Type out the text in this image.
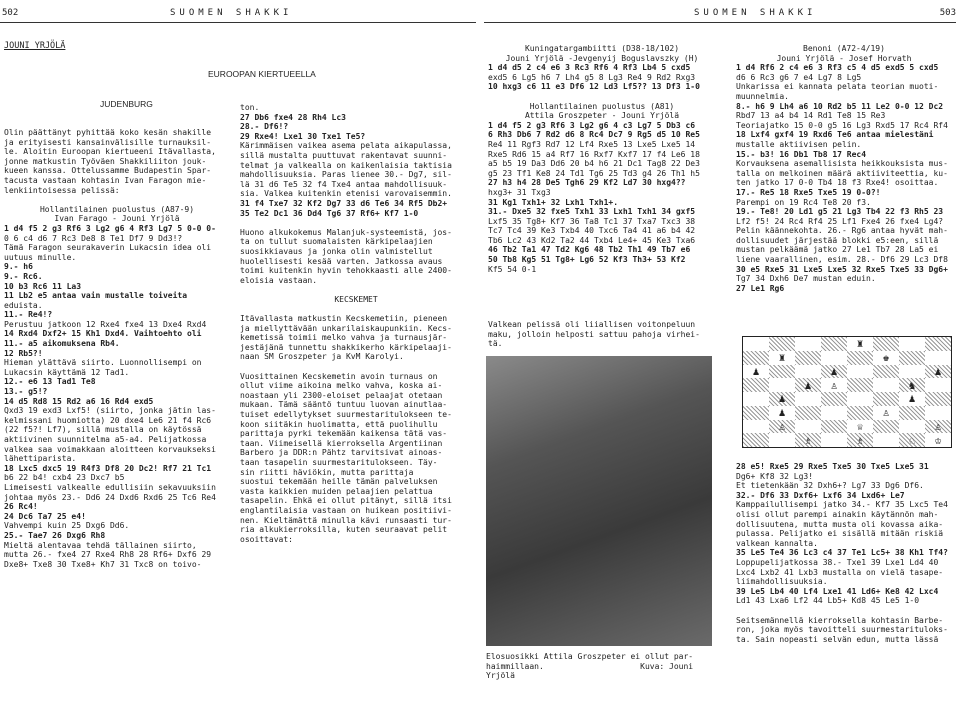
502	SUOMEN SHAKKI
JOUNI YRJÖLÄ
EUROOPAN KIERTUEELLA
JUDENBURG

Olin päättänyt pyhittää koko kesän shakille

ja erityisesti kansainvälisille turnauksil-

le. Aloitin Euroopan kiertueeni Itävallasta,

jonne matkustin Työväen Shakkiliiton jouk-

kueen kanssa. Ottelussamme Budapestin Spar-

tacusta vastaan kohtasin Ivan Faragon mie-

lenkiintoisessa pelissä:

Hollantilainen puolustus (A87-9)

Ivan Farago - Jouni Yrjölä

1 d4 f5 2 g3 Rf6 3 Lg2 g6 4 Rf3 Lg7 5 0-0 0-

0 6 c4 d6 7 Rc3 De8 8 Te1 Df7 9 Dd3!?

Tämä Faragon seurakaverin Lukacsin idea oli

uutuus minulle.

9.- h6

9.- Rc6.

10 b3 Rc6 11 La3

11 Lb2 e5 antaa vain mustalle toiveita

eduista.

11.- Re4!?

Perustuu jatkoon 12 Rxe4 fxe4 13 Dxe4 Rxd4

14 Rxd4 Dxf2+ 15 Kh1 Dxd4. Vaihtoehto oli

11.- a5 aikomuksena Rb4.

12 Rb5?!

Hieman ylättävä siirto. Luonnollisempi on

Lukacsin käyttämä 12 Tad1.

12.- e6 13 Tad1 Te8

13.- g5!?

14 d5 Rd8 15 Rd2 a6 16 Rd4 exd5

Qxd3 19 exd3 Lxf5! (siirto, jonka jätin las-

kelmissani huomiotta) 20 dxe4 Le6 21 f4 Rc6

(22 f5?! Lf7), sillä mustalla on käytössä

aktiivinen suunnitelma a5-a4. Pelijatkossa

valkea saa voimakkaan aloitteen korvaukseksi

lähettiparista.

18 Lxc5 dxc5 19 R4f3 Df8 20 Dc2! Rf7 21 Tc1

b6 22 b4! cxb4 23 Dxc7 b5

Limeisesti valkealle edullisiin sekavuuksiin

johtaa myös 23.- Dd6 24 Dxd6 Rxd6 25 Tc6 Re4

26 Rc4!

24 Dc6 Ta7 25 e4!

Vahvempi kuin 25 Dxg6 Dd6.

25.- Tae7 26 Dxg6 Rh8

Mieltä alentavaa tehdä tällainen siirto,

mutta 26.- fxe4 27 Rxe4 Rh8 28 Rf6+ Dxf6 29

Dxe8+ Txe8 30 Txe8+ Kh7 31 Txc8 on toivo-

ton.

27 Db6 fxe4 28 Rh4 Lc3

28.- Df6!?

29 Rxe4! Lxe1 30 Txe1 Te5?

Kärimmäisen vaikea asema pelata aikapulassa,

sillä mustalta puuttuvat rakentavat suunni-

telmat ja valkealla on kaikenlaisia taktisia

mahdollisuuksia. Paras lienee 30.- Dg7, sil-

lä 31 d6 Te5 32 f4 Txe4 antaa mahdollisuuk-

sia. Valkea kuitenkin etenisi varovaisemmin.

31 f4 Txe7 32 Kf2 Dg7 33 d6 Te6 34 Rf5 Db2+

35 Te2 Dc1 36 Dd4 Tg6 37 Rf6+ Kf7 1-0

Huono alkukokemus Malanjuk-systeemistä, jos-

ta on tullut suomalaisten kärkipelaajien

suosikkiavaus ja jonka olin valmistellut

huolellisesti kesää varten. Jatkossa avaus

toimi kuitenkin hyvin tehokkaasti alle 2400-

eloisia vastaan.

KECSKEMET

Itävallasta matkustin Kecskemetiin, pieneen

ja miellyttävään unkarilaiskaupunkiin. Kecs-

kemetissä toimii melko vahva ja turnausjär-

jestäjänä tunnettu shakkikerho kärkipelaaji-

naan SM Groszpeter ja KvM Karolyi.

Vuosittainen Kecskemetin avoin turnaus on

ollut viime aikoina melko vahva, koska ai-

noastaan yli 2300-eloiset pelaajat otetaan

mukaan. Tämä sääntö tuntuu luovan ainutlaa-

tuiset edellytykset suurmestaritulokseen te-

koon siitäkin huolimatta, että puolihullu

parittaja pyrki tekemään kaikensa tätä vas-

taan. Viimeisellä kierroksella Argentiinan

Barbero ja DDR:n Pähtz tarvitsivat ainoas-

taan tasapelin suurmestaritulokseen. Täy-

sin riitti häviökin, mutta parittaja

suostui tekemään heille tämän palveluksen

vasta kaikkien muiden pelaajien pelattua

tasapelin. Ehkä ei ollut pitänyt, sillä itsi

englantilaisia vastaan on huikean positiivi-

nen. Kieltämättä minulla kävi runsaasti tur-

ria alkukierroksilla, kuten seuraavat pelit

osoittavat:

SUOMEN SHAKKI	503

Kuningatargambiitti (D38-18/102)

Jouni Yrjölä -Jevgenyij Boguslavszky (H)

1 d4 d5 2 c4 e6 3 Rc3 Rf6 4 Rf3 Lb4 5 cxd5

exd5 6 Lg5 h6 7 Lh4 g5 8 Lg3 Re4 9 Rd2 Rxg3

10 hxg3 c6 11 e3 Df6 12 Ld3 Lf5?? 13 Df3 1-0

Hollantilainen puolustus (A81)

Attila Groszpeter - Jouni Yrjölä

1 d4 f5 2 g3 Rf6 3 Lg2 g6 4 c3 Lg7 5 Db3 c6

6 Rh3 Db6 7 Rd2 d6 8 Rc4 Dc7 9 Rg5 d5 10 Re5

Re4 11 Rgf3 Rd7 12 Lf4 Rxe5 13 Lxe5 Lxe5 14

Rxe5 Rd6 15 a4 Rf7 16 Rxf7 Kxf7 17 f4 Le6 18

a5 b5 19 Da3 Dd6 20 b4 h6 21 Dc1 Tag8 22 De3

g5 23 Tf1 Ke8 24 Td1 Tg6 25 Td3 g4 26 Th1 h5

27 h3 h4 28 De5 Tgh6 29 Kf2 Ld7 30 hxg4??

hxg3+ 31 Txg3

31 Kg1 Txh1+ 32 Lxh1 Txh1+.

31.- Dxe5 32 fxe5 Txh1 33 Lxh1 Txh1 34 gxf5

Lxf5 35 Tg8+ Kf7 36 Ta8 Tc1 37 Txa7 Txc3 38

Tc7 Tc4 39 Ke3 Txb4 40 Txc6 Ta4 41 a6 b4 42

Tb6 Lc2 43 Kd2 Ta2 44 Txb4 Le4+ 45 Ke3 Txa6

46 Tb2 Ta1 47 Td2 Kg6 48 Tb2 Th1 49 Tb7 e6

50 Tb8 Kg5 51 Tg8+ Lg6 52 Kf3 Th3+ 53 Kf2

Kf5 54 0-1

Valkean pelissä oli liiallisen voitonpeluun

maku, jolloin helposti sattuu pahoja virhei-

tä.

Elosuosikki Attila Groszpeter ei ollut par-

haimmillaan.                    Kuva: Jouni Yrjölä

Benoni (A72-4/19)

Jouni Yrjölä - Josef Horvath

1 d4 Rf6 2 c4 e6 3 Rf3 c5 4 d5 exd5 5 cxd5

d6 6 Rc3 g6 7 e4 Lg7 8 Lg5

Unkarissa ei kannata pelata teorian muoti-

muunnelmia.

8.- h6 9 Lh4 a6 10 Rd2 b5 11 Le2 0-0 12 Dc2

Rbd7 13 a4 b4 14 Rd1 Te8 15 Re3

Teoriajatko 15 0-0 g5 16 Lg3 Rxd5 17 Rc4 Rf4

18 Lxf4 gxf4 19 Rxd6 Te6 antaa mielestäni

mustalle aktiivisen pelin.

15.- b3! 16 Db1 Tb8 17 Rec4

Korvauksena asemallisista heikkouksista mus-

talla on melkoinen määrä aktiiviteettia, ku-

ten jatko 17 0-0 Tb4 18 f3 Rxe4! osoittaa.

17.- Re5 18 Rxe5 Txe5 19 0-0?!

Parempi on 19 Rc4 Te8 20 f3.

19.- Te8! 20 Ld1 g5 21 Lg3 Tb4 22 f3 Rh5 23

Lf2 f5! 24 Rc4 Rf4 25 Lf1 Fxe4 26 fxe4 Lg4?

Pelin käännekohta. 26.- Rg6 antaa hyvät mah-

dollisuudet järjestää blokki e5:een, sillä

mustan pelkäämä jatko 27 Le1 Tb7 28 La5 ei

liene vaarallinen, esim. 28.- Df6 29 Lc3 Df8

30 e5 Rxe5 31 Lxe5 Lxe5 32 Rxe5 Txe5 33 Dg6+

Tg7 34 Dxh6 De7 mustan eduin.

27 Le1 Rg6

♜
♜	♚
♟	♟	♟
♟ ♙	♞
♟	♟
♟	♙
♙	♕	♙
♗	♗	♘ ♔

28 e5! Rxe5 29 Rxe5 Txe5 30 Txe5 Lxe5 31

Dg6+ Kf8 32 Lg3!

Et tietenkään 32 Dxh6+? Lg7 33 Dg6 Df6.

32.- Df6 33 Dxf6+ Lxf6 34 Lxd6+ Le7

Kamppailullisempi jatko 34.- Kf7 35 Lxc5 Te4

olisi ollut parempi ainakin käytännön mah-

dollisuutena, mutta musta oli kovassa aika-

pulassa. Pelijatko ei sisällä mitään riskiä

valkean kannalta.

35 Le5 Te4 36 Lc3 c4 37 Te1 Lc5+ 38 Kh1 Tf4?

Loppupelijatkossa 38.- Txe1 39 Lxe1 Ld4 40

Lxc4 Lxb2 41 Lxb3 mustalla on vielä tasape-

liimahdollisuuksia.

39 Le5 Lb4 40 Lf4 Lxe1 41 Ld6+ Ke8 42 Lxc4

Ld1 43 Lxa6 Lf2 44 Lb5+ Kd8 45 Le5 1-0

Seitsemännellä kierroksella kohtasin Barbe-

ron, joka myös tavoitteli suurmestarituloks-

ta. Sain nopeasti selvän edun, mutta lässä
